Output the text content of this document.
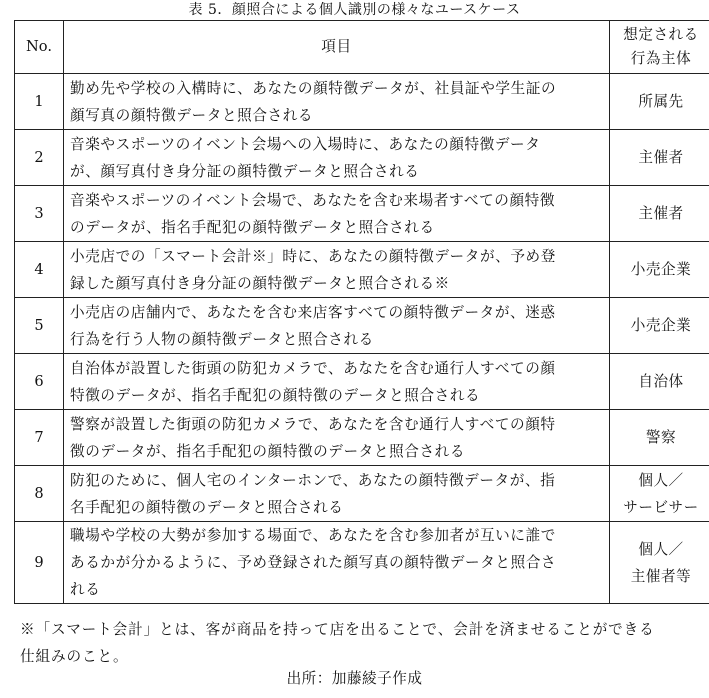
表 5．顔照合による個人識別の様々なユースケース
No.	項目	想定される
行為主体

1	勤め先や学校の入構時に、あなたの顔特徴データが、社員証や学生証の
顔写真の顔特徴データと照合される	所属先

2	音楽やスポーツのイベント会場への入場時に、あなたの顔特徴データ
が、顔写真付き身分証の顔特徴データと照合される	主催者

3	音楽やスポーツのイベント会場で、あなたを含む来場者すべての顔特徴
のデータが、指名手配犯の顔特徴データと照合される	主催者

4	小売店での「スマート会計※」時に、あなたの顔特徴データが、予め登
録した顔写真付き身分証の顔特徴データと照合される※	小売企業

5	小売店の店舗内で、あなたを含む来店客すべての顔特徴データが、迷惑
行為を行う人物の顔特徴データと照合される	小売企業

6	自治体が設置した街頭の防犯カメラで、あなたを含む通行人すべての顔
特徴のデータが、指名手配犯の顔特徴のデータと照合される	自治体

7	警察が設置した街頭の防犯カメラで、あなたを含む通行人すべての顔特
徴のデータが、指名手配犯の顔特徴のデータと照合される	警察

8	防犯のために、個人宅のインターホンで、あなたの顔特徴データが、指
名手配犯の顔特徴のデータと照合される	個人／
サービサー

9	職場や学校の大勢が参加する場面で、あなたを含む参加者が互いに誰で
あるかが分かるように、予め登録された顔写真の顔特徴データと照合さ
れる	個人／
主催者等
※「スマート会計」とは、客が商品を持って店を出ることで、会計を済ませることができる
仕組みのこと。
出所：加藤綾子作成
